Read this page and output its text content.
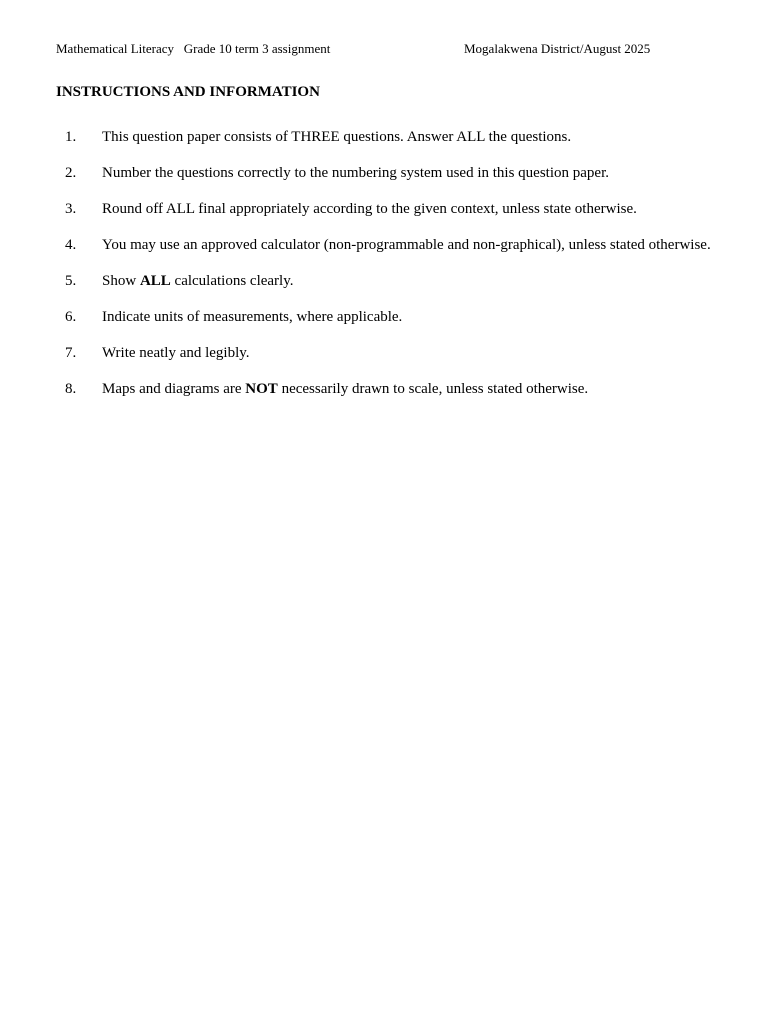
Mathematical Literacy   Grade 10 term 3 assignment	Mogalakwena District/August 2025
INSTRUCTIONS AND INFORMATION
1. This question paper consists of THREE questions. Answer ALL the questions.
2. Number the questions correctly to the numbering system used in this question paper.
3. Round off ALL final appropriately according to the given context, unless state otherwise.
4. You may use an approved calculator (non-programmable and non-graphical), unless stated otherwise.
5. Show ALL calculations clearly.
6. Indicate units of measurements, where applicable.
7. Write neatly and legibly.
8. Maps and diagrams are NOT necessarily drawn to scale, unless stated otherwise.
